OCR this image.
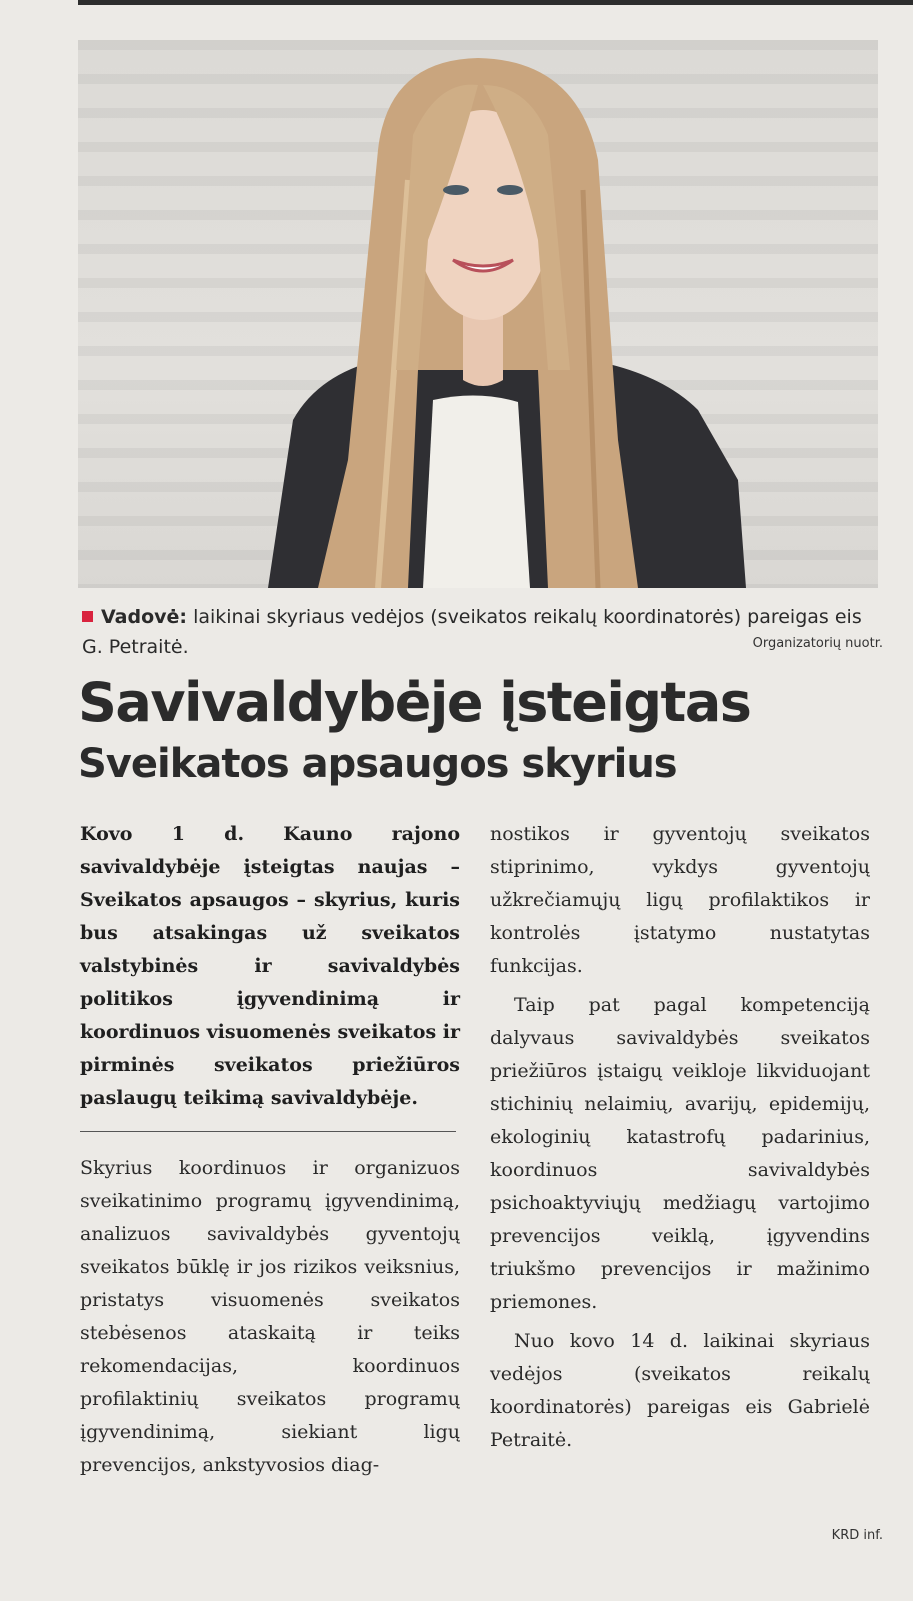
Vadovė: laikinai skyriaus vedėjos (sveikatos reikalų koordinatorės) pareigas eis G. Petraitė.	Organizatorių nuotr.
Savivaldybėje įsteigtas
Sveikatos apsaugos skyrius

Kovo 1 d. Kauno rajono savivaldybėje įsteigtas naujas – Sveikatos apsaugos – skyrius, kuris bus atsakingas už sveikatos valstybinės ir savivaldybės politikos įgyvendinimą ir koordinuos visuomenės sveikatos ir pirminės sveikatos priežiūros paslaugų teikimą savivaldybėje.

Skyrius koordinuos ir organizuos sveikatinimo programų įgyvendinimą, analizuos savivaldybės gyventojų sveikatos būklę ir jos rizikos veiksnius, pristatys visuomenės sveikatos stebėsenos ataskaitą ir teiks rekomendacijas, koordinuos profilaktinių sveikatos programų įgyvendinimą, siekiant ligų prevencijos, ankstyvosios diag-

nostikos ir gyventojų sveikatos stiprinimo, vykdys gyventojų užkrečiamųjų ligų profilaktikos ir kontrolės įstatymo nustatytas funkcijas.

Taip pat pagal kompetenciją dalyvaus savivaldybės sveikatos priežiūros įstaigų veikloje likviduojant stichinių nelaimių, avarijų, epidemijų, ekologinių katastrofų padarinius, koordinuos savivaldybės psichoaktyviųjų medžiagų vartojimo prevencijos veiklą, įgyvendins triukšmo prevencijos ir mažinimo priemones.

Nuo kovo 14 d. laikinai skyriaus vedėjos (sveikatos reikalų koordinatorės) pareigas eis Gabrielė Petraitė.

KRD inf.
